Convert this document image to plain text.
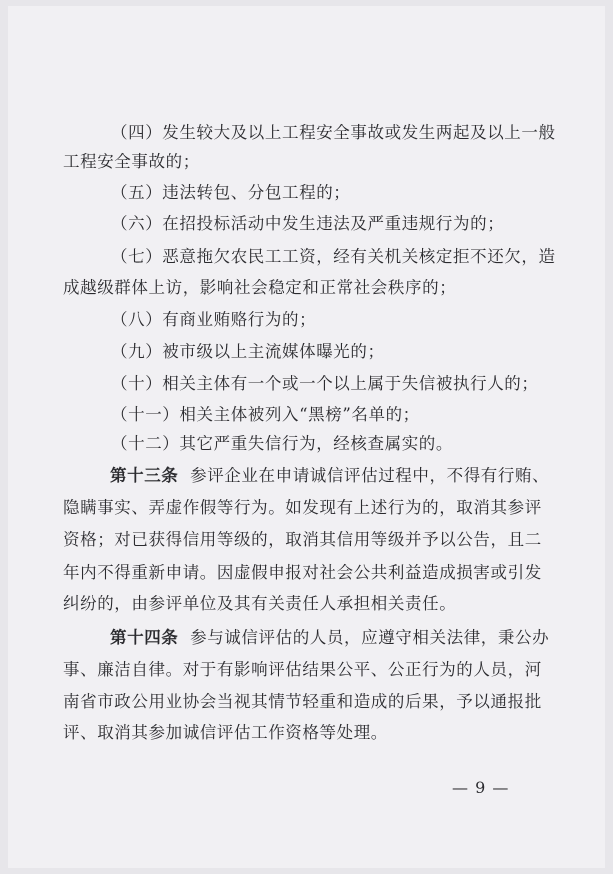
（四）发生较大及以上工程安全事故或发生两起及以上一般

工程安全事故的；

（五）违法转包、分包工程的；

（六）在招投标活动中发生违法及严重违规行为的；

（七）恶意拖欠农民工工资，经有关机关核定拒不还欠，造

成越级群体上访，影响社会稳定和正常社会秩序的；

（八）有商业贿赂行为的；

（九）被市级以上主流媒体曝光的；

（十）相关主体有一个或一个以上属于失信被执行人的；

（十一）相关主体被列入“黑榜”名单的；

（十二）其它严重失信行为，经核查属实的。

第十三条 参评企业在申请诚信评估过程中，不得有行贿、

隐瞒事实、弄虚作假等行为。如发现有上述行为的，取消其参评

资格；对已获得信用等级的，取消其信用等级并予以公告，且二

年内不得重新申请。因虚假申报对社会公共利益造成损害或引发

纠纷的，由参评单位及其有关责任人承担相关责任。

第十四条 参与诚信评估的人员，应遵守相关法律，秉公办

事、廉洁自律。对于有影响评估结果公平、公正行为的人员，河

南省市政公用业协会当视其情节轻重和造成的后果，予以通报批

评、取消其参加诚信评估工作资格等处理。

— 9 —
